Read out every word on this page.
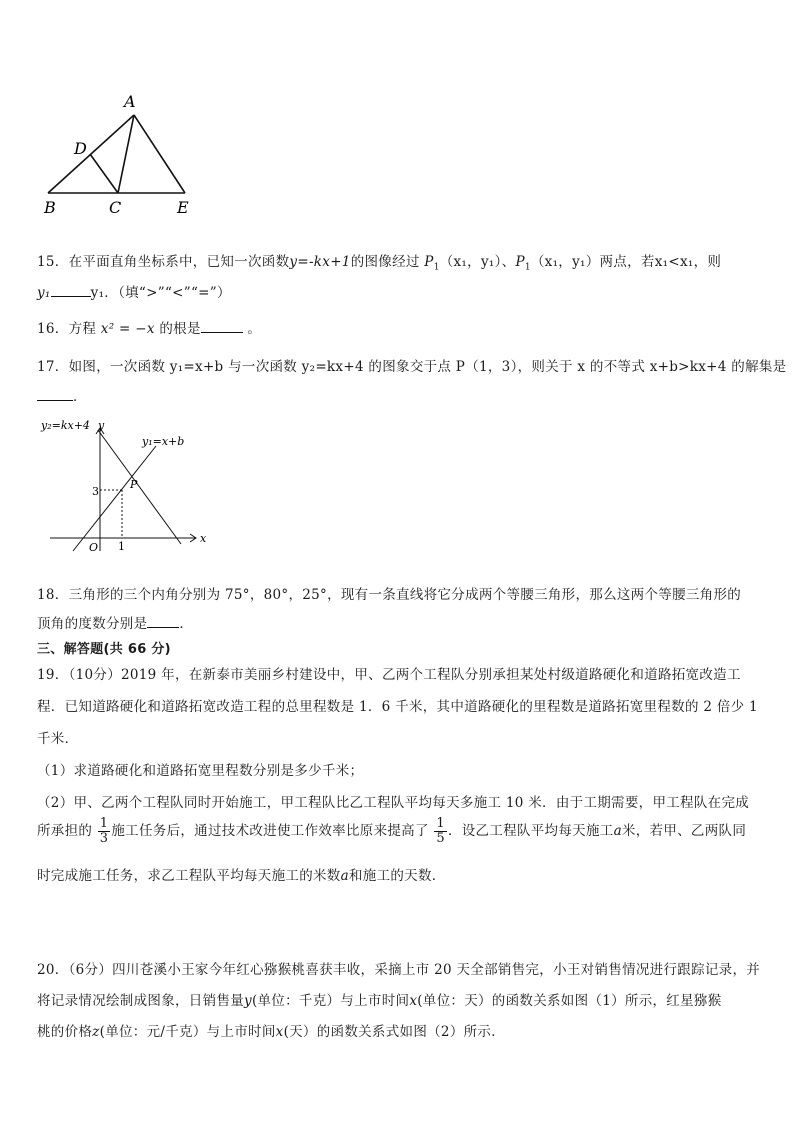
A
D
B	C	E
15．在平面直角坐标系中，已知一次函数y=-kx+1的图像经过 $P_1(x_1$，y₁）、$P_1(x_1$，y₁）两点，若x₁<x₁，则
y₁	y₁．（填“>”“<”“=”）
16．方程 x² = −x 的根是	。
17．如图，一次函数 y₁=x+b 与一次函数 y₂=kx+4 的图象交于点 P（1，3），则关于 x 的不等式 x+b>kx+4 的解集是
．
y₂=kx+4 y
y₁=x+b
P
3
1
O
x
18．三角形的三个内角分别为 75°，80°，25°，现有一条直线将它分成两个等腰三角形，那么这两个等腰三角形的
顶角的度数分别是 ．
三、解答题(共 66 分)
19．（10分）2019 年，在新泰市美丽乡村建设中，甲、乙两个工程队分别承担某处村级道路硬化和道路拓宽改造工
程．已知道路硬化和道路拓宽改造工程的总里程数是 1．6 千米，其中道路硬化的里程数是道路拓宽里程数的 2 倍少 1
千米．
（1）求道路硬化和道路拓宽里程数分别是多少千米；
（2）甲、乙两个工程队同时开始施工，甲工程队比乙工程队平均每天多施工 10 米．由于工期需要，甲工程队在完成
所承担的 $\frac{1}{3}$ 施工任务后，通过技术改进使工作效率比原来提高了 $\frac{1}{5}$ ．设乙工程队平均每天施工a米，若甲、乙两队同
时完成施工任务，求乙工程队平均每天施工的米数a和施工的天数．
20．（6分）四川苍溪小王家今年红心猕猴桃喜获丰收，采摘上市 20 天全部销售完，小王对销售情况进行跟踪记录，并
将记录情况绘制成图象，日销售量y(单位：千克）与上市时间x(单位：天）的函数关系如图（1）所示，红星猕猴
桃的价格z(单位：元/千克）与上市时间x(天）的函数关系式如图（2）所示．
